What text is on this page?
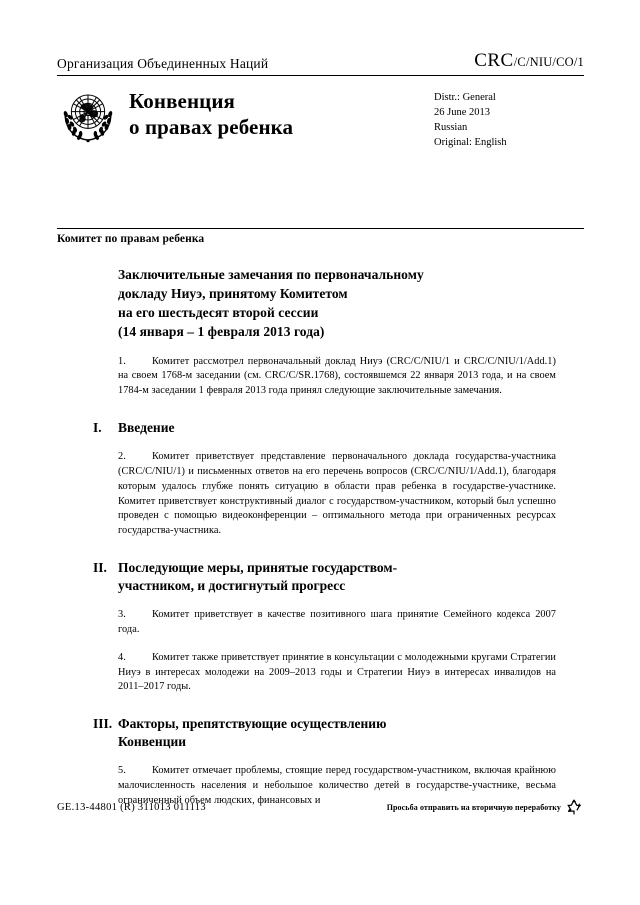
Организация Объединенных Наций	CRC/C/NIU/CO/1
Конвенция
о правах ребенка
Distr.: General
26 June 2013
Russian
Original: English
Комитет по правам ребенка
Заключительные замечания по первоначальному
докладу Ниуэ, принятому Комитетом
на его шестьдесят второй сессии
(14 января – 1 февраля 2013 года)

1.	Комитет рассмотрел первоначальный доклад Ниуэ (CRC/C/NIU/1 и CRC/C/NIU/1/Add.1) на своем 1768-м заседании (см. CRC/C/SR.1768), состоявшемся 22 января 2013 года, и на своем 1784-м заседании 1 февраля 2013 года принял следующие заключительные замечания.

I.	Введение

2.	Комитет приветствует представление первоначального доклада государства-участника (CRC/C/NIU/1) и письменных ответов на его перечень вопросов (CRC/C/NIU/1/Add.1), благодаря которым удалось глубже понять ситуацию в области прав ребенка в государстве-участнике. Комитет приветствует конструктивный диалог с государством-участником, который был успешно проведен с помощью видеоконференции – оптимального метода при ограниченных ресурсах государства-участника.

II. Последующие меры, принятые государством-
участником, и достигнутый прогресс

3.	Комитет приветствует в качестве позитивного шага принятие Семейного кодекса 2007 года.

4.	Комитет также приветствует принятие в консультации с молодежными кругами Стратегии Ниуэ в интересах молодежи на 2009–2013 годы и Стратегии Ниуэ в интересах инвалидов на 2011–2017 годы.

III. Факторы, препятствующие осуществлению
Конвенции

5.	Комитет отмечает проблемы, стоящие перед государством-участником, включая крайнюю малочисленность населения и небольшое количество детей в государстве-участнике, весьма ограниченный объем людских, финансовых и

GE.13-44801 (R) 311013 011113	Просьба отправить на вторичную переработку
